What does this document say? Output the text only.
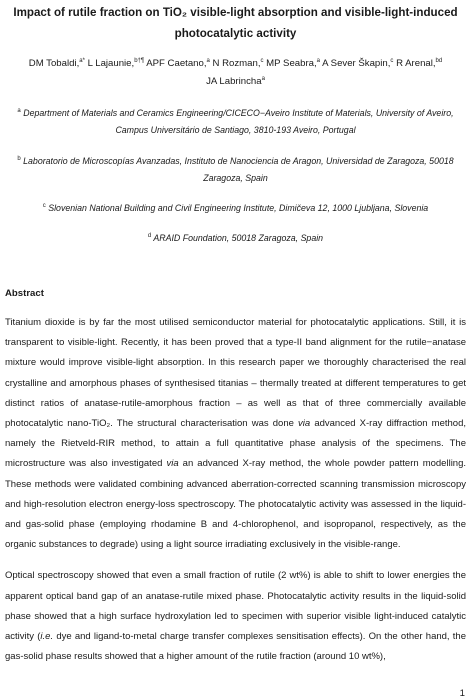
Impact of rutile fraction on TiO₂ visible-light absorption and visible-light-induced photocatalytic activity
DM Tobaldi,$^{a*}$ L Lajaunie,$^{b\dagger\P}$ APF Caetano,$^a$ N Rozman,$^c$ MP Seabra,$^a$ A Sever Škapin,$^c$ R Arenal,$^{bd}$ JA Labrincha$^a$
$^a$ Department of Materials and Ceramics Engineering/CICECO−Aveiro Institute of Materials, University of Aveiro, Campus Universitário de Santiago, 3810-193 Aveiro, Portugal
$^b$ Laboratorio de Microscopías Avanzadas, Instituto de Nanociencia de Aragon, Universidad de Zaragoza, 50018 Zaragoza, Spain
$^c$ Slovenian National Building and Civil Engineering Institute, Dimičeva 12, 1000 Ljubljana, Slovenia
$^d$ ARAID Foundation, 50018 Zaragoza, Spain
Abstract

Titanium dioxide is by far the most utilised semiconductor material for photocatalytic applications. Still, it is transparent to visible-light. Recently, it has been proved that a type-II band alignment for the rutile−anatase mixture would improve visible-light absorption. In this research paper we thoroughly characterised the real crystalline and amorphous phases of synthesised titanias – thermally treated at different temperatures to get distinct ratios of anatase-rutile-amorphous fraction – as well as that of three commercially available photocatalytic nano-TiO₂. The structural characterisation was done via advanced X-ray diffraction method, namely the Rietveld-RIR method, to attain a full quantitative phase analysis of the specimens. The microstructure was also investigated via an advanced X-ray method, the whole powder pattern modelling. These methods were validated combining advanced aberration-corrected scanning transmission microscopy and high-resolution electron energy-loss spectroscopy. The photocatalytic activity was assessed in the liquid- and gas-solid phase (employing rhodamine B and 4-chlorophenol, and isopropanol, respectively, as the organic substances to degrade) using a light source irradiating exclusively in the visible-range.

Optical spectroscopy showed that even a small fraction of rutile (2 wt%) is able to shift to lower energies the apparent optical band gap of an anatase-rutile mixed phase. Photocatalytic activity results in the liquid-solid phase showed that a high surface hydroxylation led to specimen with superior visible light-induced catalytic activity (i.e. dye and ligand-to-metal charge transfer complexes sensitisation effects). On the other hand, the gas-solid phase results showed that a higher amount of the rutile fraction (around 10 wt%),

1
